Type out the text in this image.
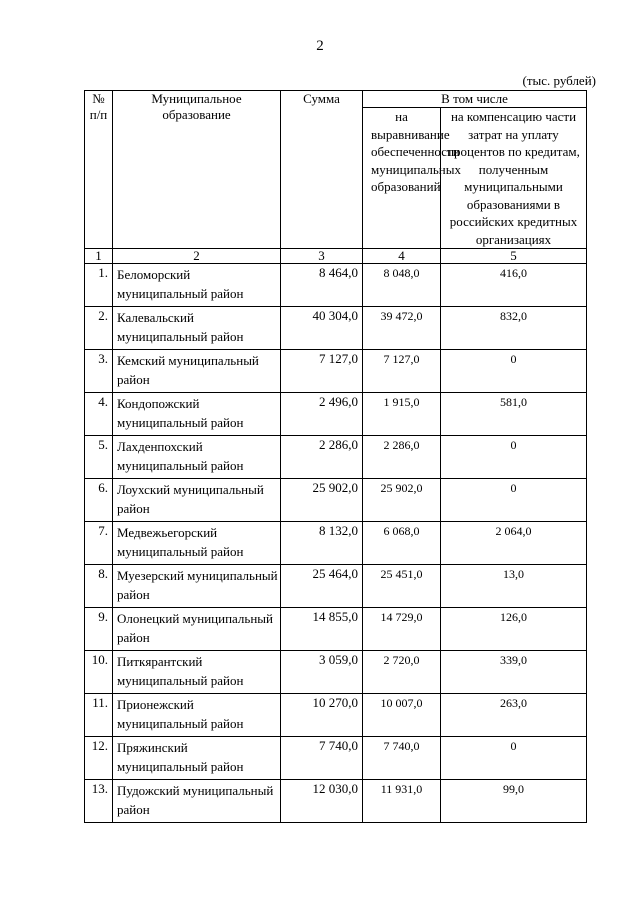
2
(тыс. рублей)
№ п/п	Муниципальное образование	Сумма	В том числе	
			на выравнивание обеспеченности муниципальных образований	на компенсацию части затрат на уплату процентов по кредитам, полученным муниципальными образованиями в российских кредитных организациях
1	2	3	4	5
1.	Беломорский муниципальный район	8 464,0	8 048,0	416,0
2.	Калевальский муниципальный район	40 304,0	39 472,0	832,0
3.	Кемский муниципальный район	7 127,0	7 127,0	0
4.	Кондопожский муниципальный район	2 496,0	1 915,0	581,0
5.	Лахденпохский муниципальный район	2 286,0	2 286,0	0
6.	Лоухский муниципальный район	25 902,0	25 902,0	0
7.	Медвежьегорский муниципальный район	8 132,0	6 068,0	2 064,0
8.	Муезерский муниципальный район	25 464,0	25 451,0	13,0
9.	Олонецкий муниципальный район	14 855,0	14 729,0	126,0
10.	Питкярантский муниципальный район	3 059,0	2 720,0	339,0
11.	Прионежский муниципальный район	10 270,0	10 007,0	263,0
12.	Пряжинский муниципальный район	7 740,0	7 740,0	0
13.	Пудожский муниципальный район	12 030,0	11 931,0	99,0
